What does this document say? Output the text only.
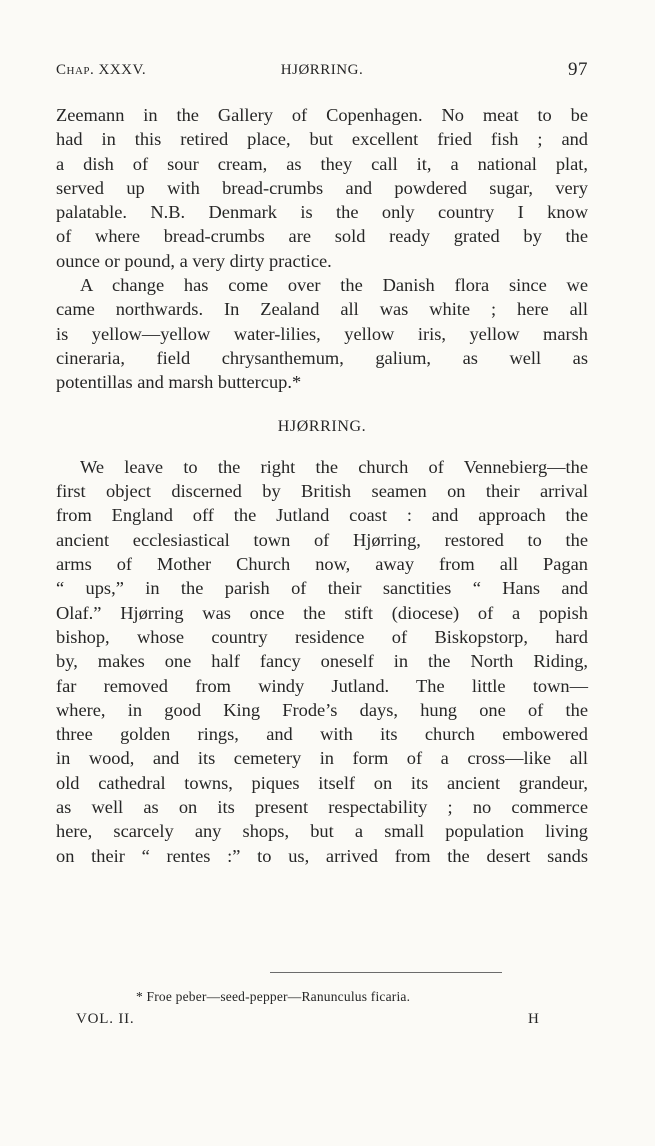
Chap. XXXV.	HJØRRING.	97
Zeemann in the Gallery of Copenhagen. No meat to be
had in this retired place, but excellent fried fish ; and
a dish of sour cream, as they call it, a national plat,
served up with bread-crumbs and powdered sugar, very
palatable. N.B. Denmark is the only country I know
of where bread-crumbs are sold ready grated by the
ounce or pound, a very dirty practice.
A change has come over the Danish flora since we
came northwards. In Zealand all was white ; here all
is yellow—yellow water-lilies, yellow iris, yellow marsh
cineraria, field chrysanthemum, galium, as well as
potentillas and marsh buttercup.*
HJØRRING.
We leave to the right the church of Vennebierg—the
first object discerned by British seamen on their arrival
from England off the Jutland coast : and approach the
ancient ecclesiastical town of Hjørring, restored to the
arms of Mother Church now, away from all Pagan
“ ups,” in the parish of their sanctities “ Hans and
Olaf.” Hjørring was once the stift (diocese) of a popish
bishop, whose country residence of Biskopstorp, hard
by, makes one half fancy oneself in the North Riding,
far removed from windy Jutland. The little town—
where, in good King Frode’s days, hung one of the
three golden rings, and with its church embowered
in wood, and its cemetery in form of a cross—like all
old cathedral towns, piques itself on its ancient grandeur,
as well as on its present respectability ; no commerce
here, scarcely any shops, but a small population living
on their “ rentes :” to us, arrived from the desert sands
* Froe peber—seed-pepper—Ranunculus ficaria.
VOL. II.	H
